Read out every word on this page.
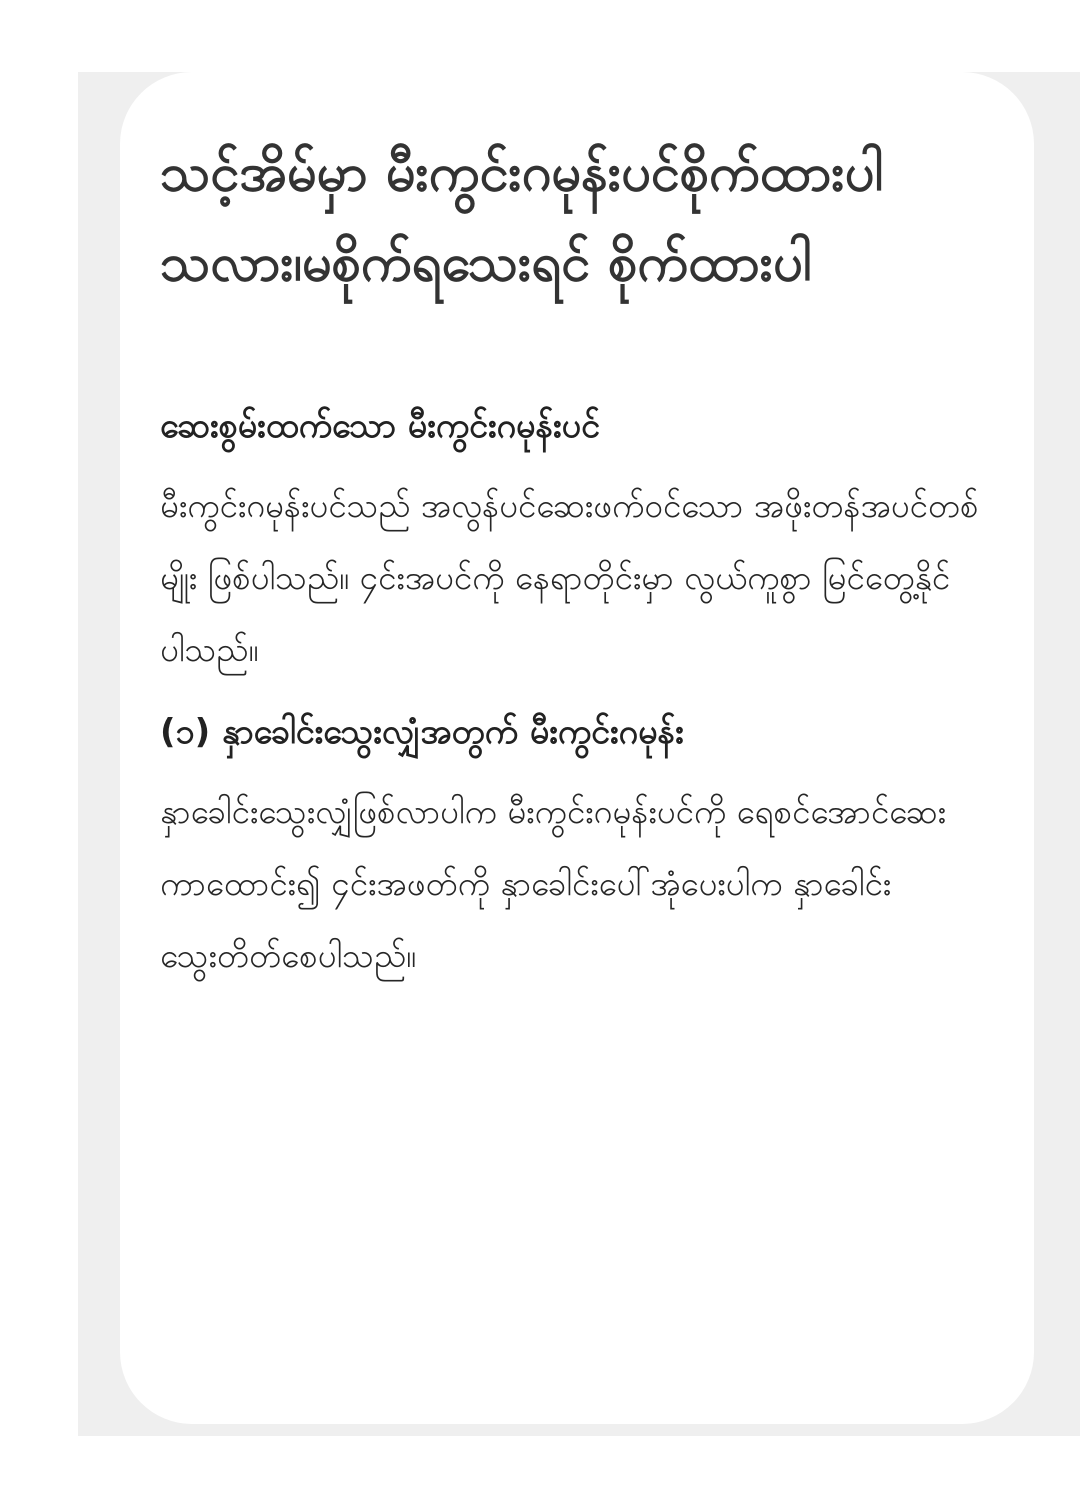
သင့်အိမ်မှာ မီးကွင်းဂမုန်းပင်စိုက်ထားပါသလား၊မစိုက်ရသေးရင် စိုက်ထားပါ
ဆေးစွမ်းထက်သော မီးကွင်းဂမုန်းပင်

မီးကွင်းဂမုန်းပင်သည် အလွန်ပင်ဆေးဖက်ဝင်သော အဖိုးတန်အပင်တစ်မျိုး ဖြစ်ပါသည်။ ၄င်းအပင်ကို နေရာတိုင်းမှာ လွယ်ကူစွာ မြင်တွေ့နိုင်ပါသည်။

(၁) နှာခေါင်းသွေးလျှံအတွက် မီးကွင်းဂမုန်း

နှာခေါင်းသွေးလျှံဖြစ်လာပါက မီးကွင်းဂမုန်းပင်ကို ရေစင်အောင်ဆေးကာထောင်း၍ ၄င်းအဖတ်ကို နှာခေါင်းပေါ်အုံပေးပါက နှာခေါင်းသွေးတိတ်စေပါသည်။
